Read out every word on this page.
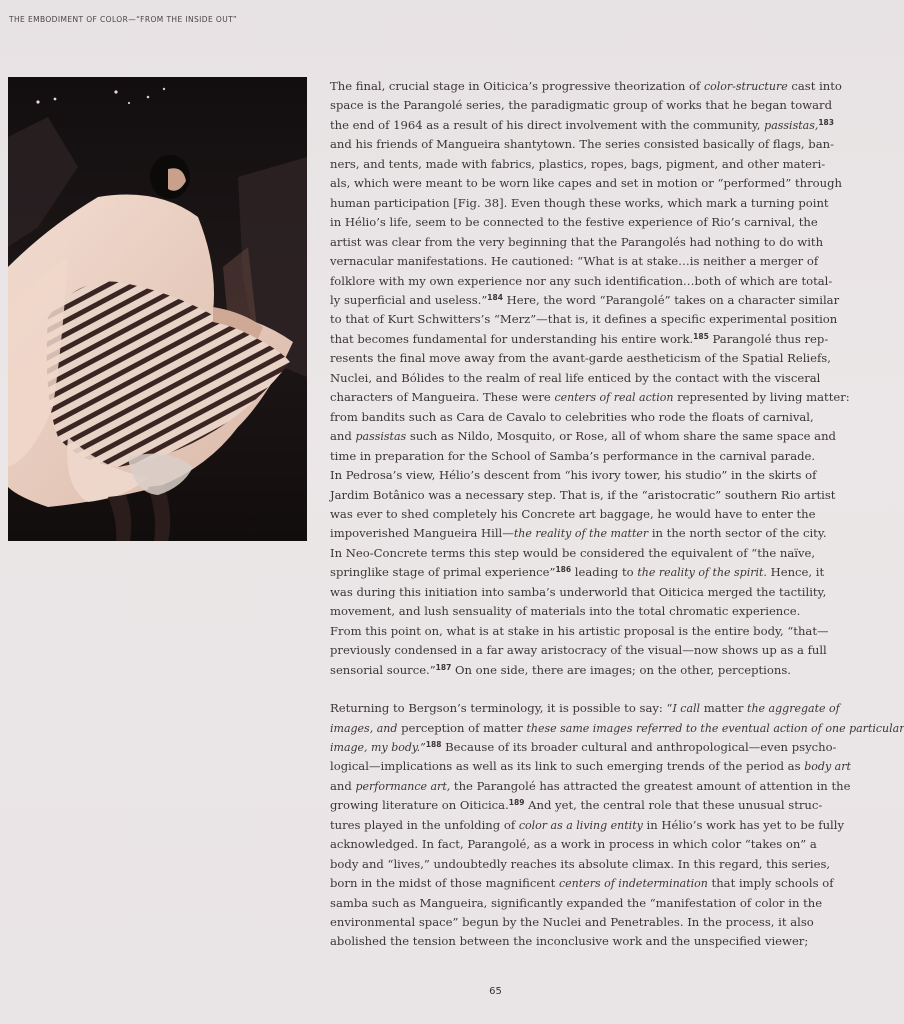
THE EMBODIMENT OF COLOR—“FROM THE INSIDE OUT”

The final, crucial stage in Oiticica’s progressive theorization of color-structure cast into
space is the Parangolé series, the paradigmatic group of works that he began toward
the end of 1964 as a result of his direct involvement with the community, passistas,$^{183}$
and his friends of Mangueira shantytown. The series consisted basically of flags, ban-
ners, and tents, made with fabrics, plastics, ropes, bags, pigment, and other materi-
als, which were meant to be worn like capes and set in motion or “performed” through
human participation [Fig. 38]. Even though these works, which mark a turning point
in Hélio’s life, seem to be connected to the festive experience of Rio’s carnival, the
artist was clear from the very beginning that the Parangolés had nothing to do with
vernacular manifestations. He cautioned: “What is at stake…is neither a merger of
folklore with my own experience nor any such identification…both of which are total-
ly superficial and useless.”$^{184}$ Here, the word “Parangolé” takes on a character similar
to that of Kurt Schwitters’s “Merz”—that is, it defines a specific experimental position
that becomes fundamental for understanding his entire work.$^{185}$ Parangolé thus rep-
resents the final move away from the avant-garde aestheticism of the Spatial Reliefs,
Nuclei, and Bólides to the realm of real life enticed by the contact with the visceral
characters of Mangueira. These were centers of real action represented by living matter:
from bandits such as Cara de Cavalo to celebrities who rode the floats of carnival,
and passistas such as Nildo, Mosquito, or Rose, all of whom share the same space and
time in preparation for the School of Samba’s performance in the carnival parade.
In Pedrosa’s view, Hélio’s descent from “his ivory tower, his studio” in the skirts of
Jardim Botânico was a necessary step. That is, if the “aristocratic” southern Rio artist
was ever to shed completely his Concrete art baggage, he would have to enter the
impoverished Mangueira Hill—the reality of the matter in the north sector of the city.
In Neo-Concrete terms this step would be considered the equivalent of “the naïve,
springlike stage of primal experience”$^{186}$ leading to the reality of the spirit. Hence, it
was during this initiation into samba’s underworld that Oiticica merged the tactility,
movement, and lush sensuality of materials into the total chromatic experience.
From this point on, what is at stake in his artistic proposal is the entire body, “that—
previously condensed in a far away aristocracy of the visual—now shows up as a full
sensorial source.”$^{187}$ On one side, there are images; on the other, perceptions.

Returning to Bergson’s terminology, it is possible to say: “I call matter the aggregate of
images, and perception of matter these same images referred to the eventual action of one particular
image, my body.”$^{188}$ Because of its broader cultural and anthropological—even psycho-
logical—implications as well as its link to such emerging trends of the period as body art
and performance art, the Parangolé has attracted the greatest amount of attention in the
growing literature on Oiticica.$^{189}$ And yet, the central role that these unusual struc-
tures played in the unfolding of color as a living entity in Hélio’s work has yet to be fully
acknowledged. In fact, Parangolé, as a work in process in which color “takes on” a
body and “lives,” undoubtedly reaches its absolute climax. In this regard, this series,
born in the midst of those magnificent centers of indetermination that imply schools of
samba such as Mangueira, significantly expanded the “manifestation of color in the
environmental space” begun by the Nuclei and Penetrables. In the process, it also
abolished the tension between the inconclusive work and the unspecified viewer;

65
